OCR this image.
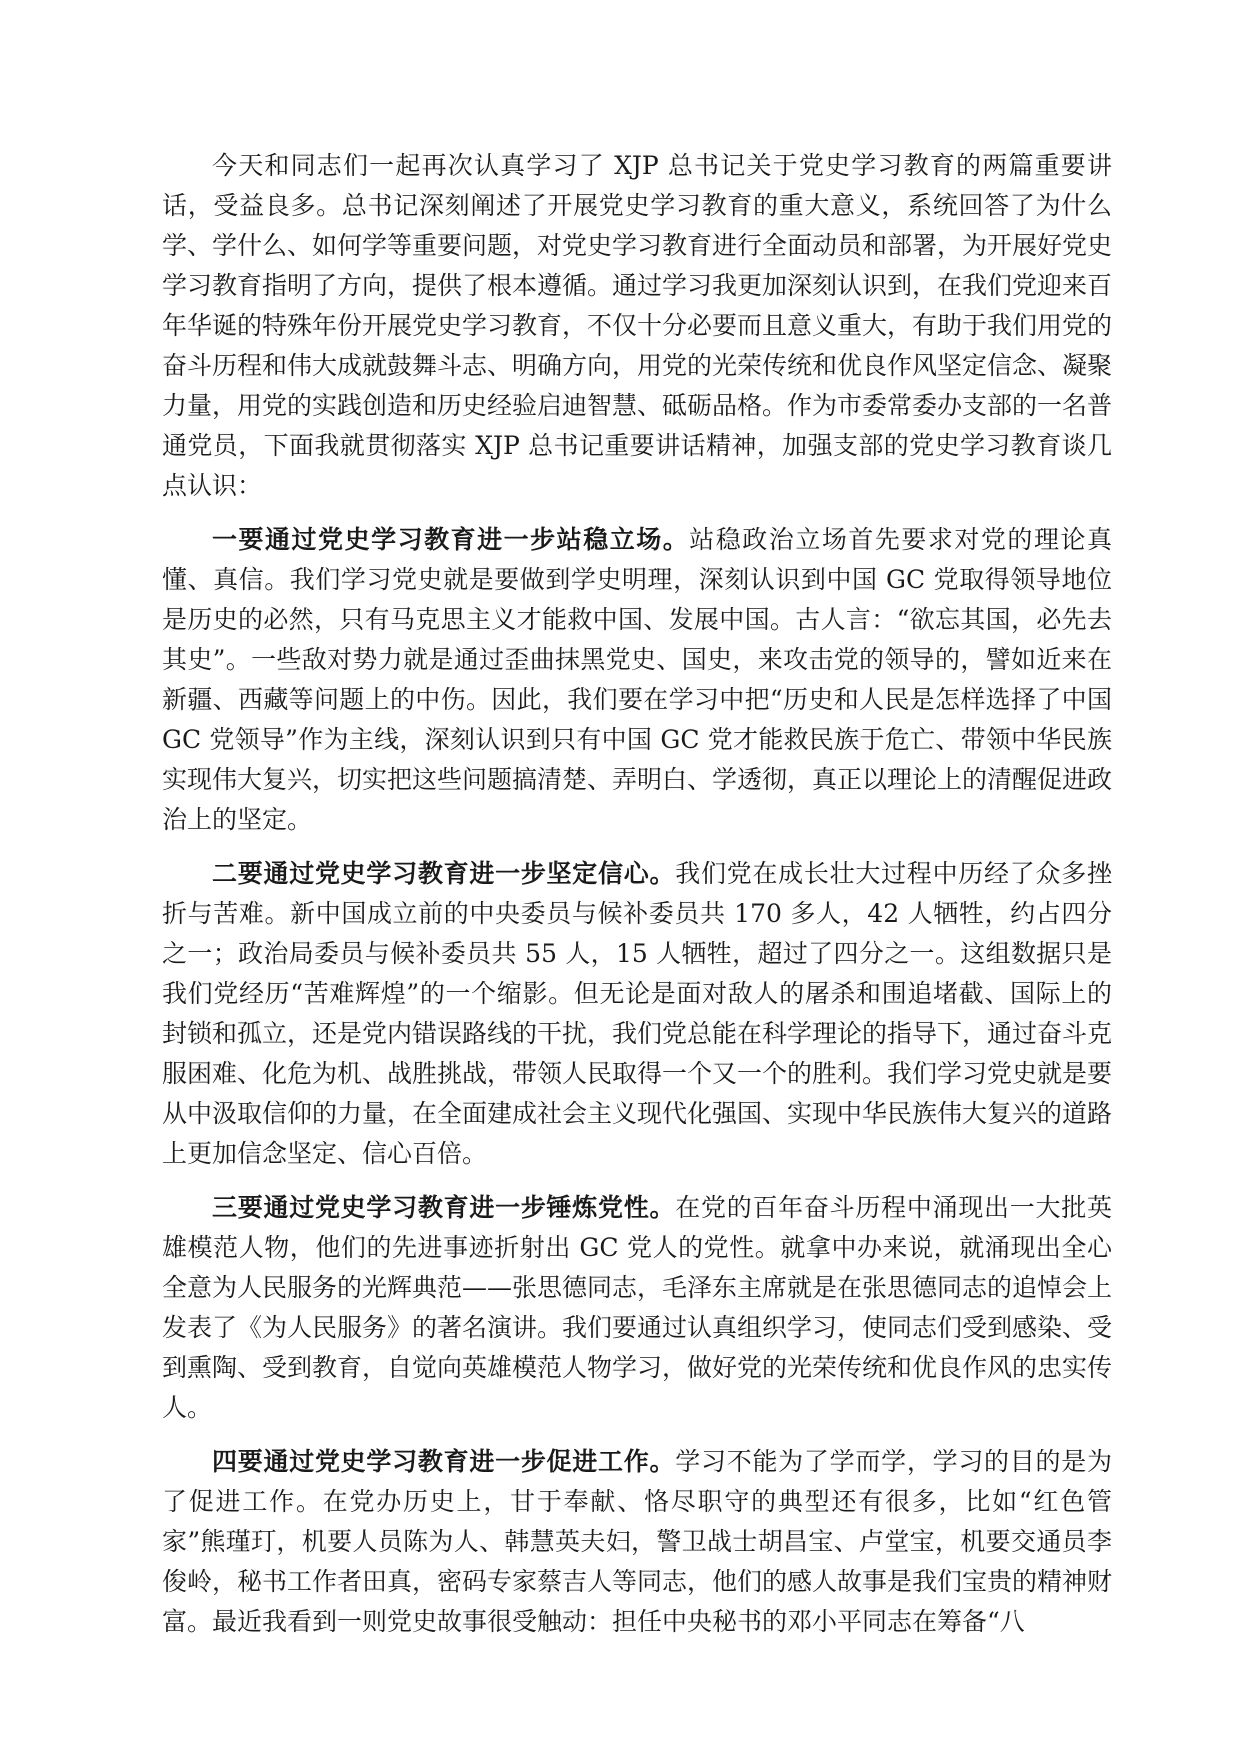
今天和同志们一起再次认真学习了 XJP 总书记关于党史学习教育的两篇重要讲话，受益良多。总书记深刻阐述了开展党史学习教育的重大意义，系统回答了为什么学、学什么、如何学等重要问题，对党史学习教育进行全面动员和部署，为开展好党史学习教育指明了方向，提供了根本遵循。通过学习我更加深刻认识到，在我们党迎来百年华诞的特殊年份开展党史学习教育，不仅十分必要而且意义重大，有助于我们用党的奋斗历程和伟大成就鼓舞斗志、明确方向，用党的光荣传统和优良作风坚定信念、凝聚力量，用党的实践创造和历史经验启迪智慧、砥砺品格。作为市委常委办支部的一名普通党员，下面我就贯彻落实 XJP 总书记重要讲话精神，加强支部的党史学习教育谈几点认识：

一要通过党史学习教育进一步站稳立场。站稳政治立场首先要求对党的理论真懂、真信。我们学习党史就是要做到学史明理，深刻认识到中国 GC 党取得领导地位是历史的必然，只有马克思主义才能救中国、发展中国。古人言：“欲忘其国，必先去其史”。一些敌对势力就是通过歪曲抹黑党史、国史，来攻击党的领导的，譬如近来在新疆、西藏等问题上的中伤。因此，我们要在学习中把“历史和人民是怎样选择了中国 GC 党领导”作为主线，深刻认识到只有中国 GC 党才能救民族于危亡、带领中华民族实现伟大复兴，切实把这些问题搞清楚、弄明白、学透彻，真正以理论上的清醒促进政治上的坚定。

二要通过党史学习教育进一步坚定信心。我们党在成长壮大过程中历经了众多挫折与苦难。新中国成立前的中央委员与候补委员共 170 多人，42 人牺牲，约占四分之一；政治局委员与候补委员共 55 人，15 人牺牲，超过了四分之一。这组数据只是我们党经历“苦难辉煌”的一个缩影。但无论是面对敌人的屠杀和围追堵截、国际上的封锁和孤立，还是党内错误路线的干扰，我们党总能在科学理论的指导下，通过奋斗克服困难、化危为机、战胜挑战，带领人民取得一个又一个的胜利。我们学习党史就是要从中汲取信仰的力量，在全面建成社会主义现代化强国、实现中华民族伟大复兴的道路上更加信念坚定、信心百倍。

三要通过党史学习教育进一步锤炼党性。在党的百年奋斗历程中涌现出一大批英雄模范人物，他们的先进事迹折射出 GC 党人的党性。就拿中办来说，就涌现出全心全意为人民服务的光辉典范——张思德同志，毛泽东主席就是在张思德同志的追悼会上发表了《为人民服务》的著名演讲。我们要通过认真组织学习，使同志们受到感染、受到熏陶、受到教育，自觉向英雄模范人物学习，做好党的光荣传统和优良作风的忠实传人。

四要通过党史学习教育进一步促进工作。学习不能为了学而学，学习的目的是为了促进工作。在党办历史上，甘于奉献、恪尽职守的典型还有很多，比如“红色管家”熊瑾玎，机要人员陈为人、韩慧英夫妇，警卫战士胡昌宝、卢堂宝，机要交通员李俊岭，秘书工作者田真，密码专家蔡吉人等同志，他们的感人故事是我们宝贵的精神财富。最近我看到一则党史故事很受触动：担任中央秘书的邓小平同志在筹备“八
